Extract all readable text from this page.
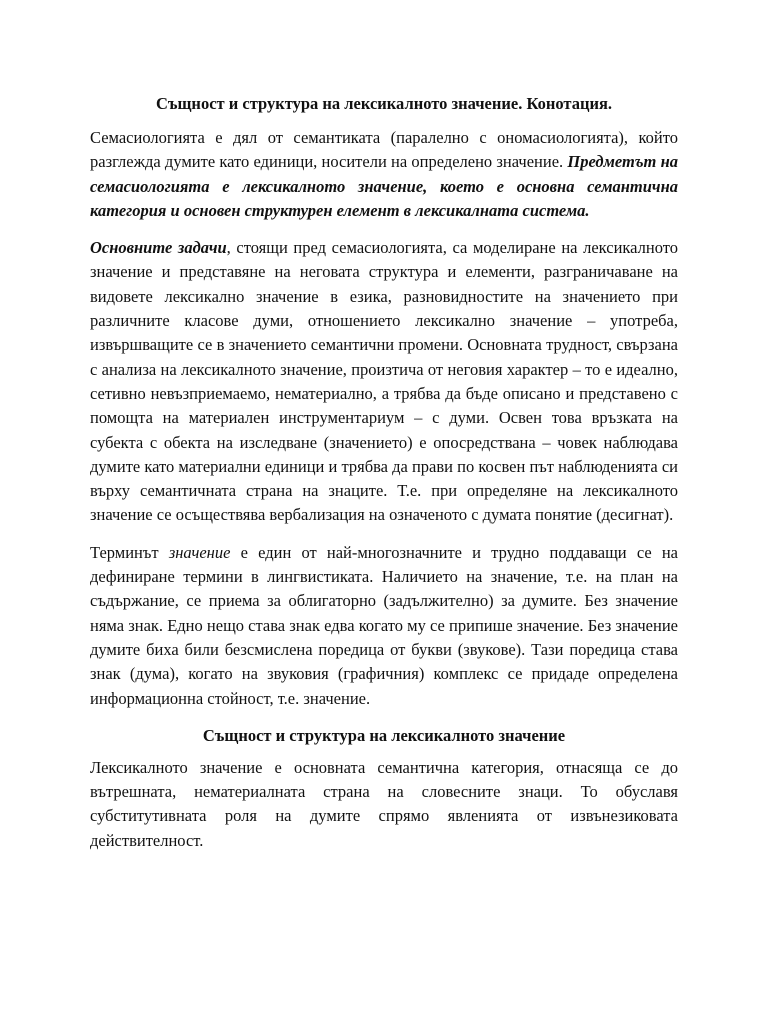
Същност и структура на лексикалното значение. Конотация.

Семасиологията е дял от семантиката (паралелно с ономасиологията), който разглежда думите като единици, носители на определено значение. Предметът на семасиологията е лексикалното значение, което е основна семантична категория и основен структурен елемент в лексикалната система.

Основните задачи, стоящи пред семасиологията, са моделиране на лексикалното значение и представяне на неговата структура и елементи, разграничаване на видовете лексикално значение в езика, разновидностите на значението при различните класове думи, отношението лексикално значение – употреба, извършващите се в значението семантични промени. Основната трудност, свързана с анализа на лексикалното значение, произтича от неговия характер – то е идеално, сетивно невъзприемаемо, нематериално, а трябва да бъде описано и представено с помощта на материален инструментариум – с думи. Освен това връзката на субекта с обекта на изследване (значението) е опосредствана – човек наблюдава думите като материални единици и трябва да прави по косвен път наблюденията си върху семантичната страна на знаците. Т.е. при определяне на лексикалното значение се осъществява вербализация на означеното с думата понятие (десигнат).

Терминът значение е един от най-многозначните и трудно поддаващи се на дефиниране термини в лингвистиката. Наличието на значение, т.е. на план на съдържание, се приема за облигаторно (задължително) за думите. Без значение няма знак. Едно нещо става знак едва когато му се припише значение. Без значение думите биха били безсмислена поредица от букви (звукове). Тази поредица става знак (дума), когато на звуковия (графичния) комплекс се придаде определена информационна стойност, т.е. значение.

Същност и структура на лексикалното значение

Лексикалното значение е основната семантична категория, отнасяща се до вътрешната, нематериалната страна на словесните знаци. То обуславя субститутивната роля на думите спрямо явленията от извънезиковата действителност.
